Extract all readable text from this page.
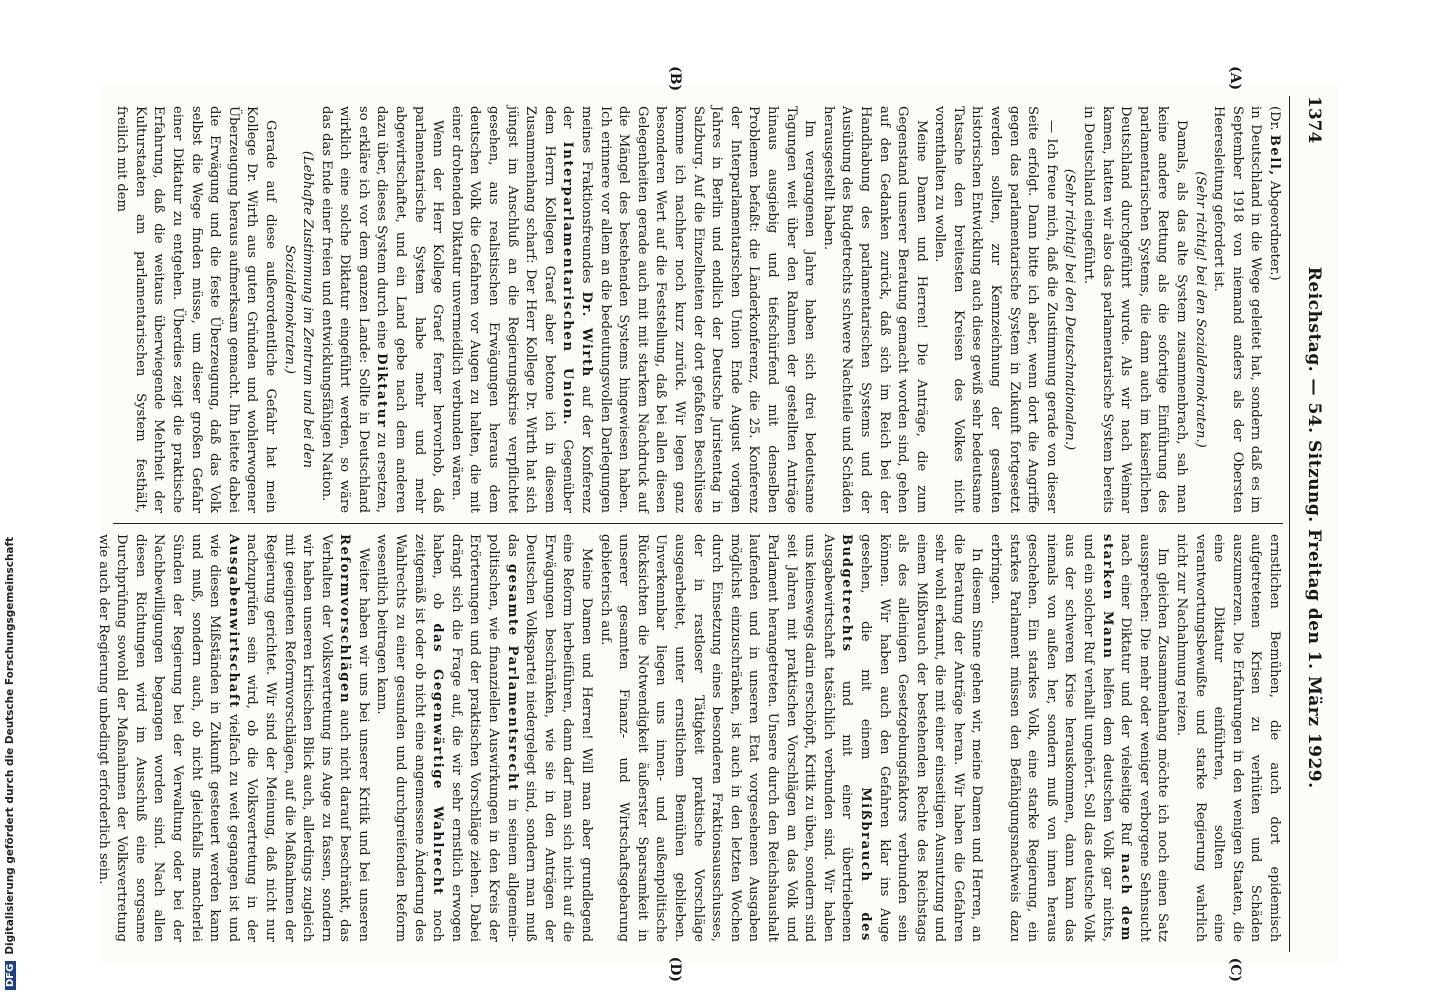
1374
Reichstag. — 54. Sitzung. Freitag den 1. März 1929.
(A)
(B)
(C)
(D)

(Dr. Bell, Abgeordneter.)

in Deutschland in die Wege geleitet hat, sondern daß es im September 1918 von niemand anders als der Obersten Heeresleitung gefordert ist.

(Sehr richtig! bei den Sozialdemokraten.)

Damals, als das alte System zusammenbrach, sah man keine andere Rettung als die sofortige Einführung des parlamentarischen Systems, die dann auch im kaiserlichen Deutschland durchgeführt wurde. Als wir nach Weimar kamen, hatten wir also das parlamentarische System bereits in Deutschland eingeführt.

(Sehr richtig! bei den Deutschnationalen.)

— Ich freue mich, daß die Zustimmung gerade von dieser Seite erfolgt. Dann bitte ich aber, wenn dort die Angriffe gegen das parlamentarische System in Zukunft fortgesetzt werden sollten, zur Kennzeichnung der gesamten historischen Entwicklung auch diese gewiß sehr bedeutsame Tatsache den breitesten Kreisen des Volkes nicht vorenthalten zu wollen.

Meine Damen und Herren! Die Anträge, die zum Gegenstand unserer Beratung gemacht worden sind, gehen auf den Gedanken zurück, daß sich im Reich bei der Handhabung des parlamentarischen Systems und der Ausübung des Budgetrechts schwere Nachteile und Schäden herausgestellt haben.

Im vergangenen Jahre haben sich drei bedeutsame Tagungen weit über den Rahmen der gestellten Anträge hinaus ausgiebig und tiefschürfend mit denselben Problemen befaßt: die Länderkonferenz, die 25. Konferenz der Interparlamentarischen Union Ende August vorigen Jahres in Berlin und endlich der Deutsche Juristentag in Salzburg. Auf die Einzelheiten der dort gefaßten Beschlüsse komme ich nachher noch kurz zurück. Wir legen ganz besonderen Wert auf die Feststellung, daß bei allen diesen Gelegenheiten gerade auch mit mit starkem Nachdruck auf die Mängel des bestehenden Systems hingewiesen haben. Ich erinnere vor allem an die bedeutungsvollen Darlegungen meines Fraktionsfreundes Dr. Wirth auf der Konferenz der Interparlamentarischen Union. Gegenüber dem Herrn Kollegen Graef aber betone ich in diesem Zusammenhang scharf: Der Herr Kollege Dr. Wirth hat sich jüngst im Anschluß an die Regierungskrise verpflichtet gesehen, aus realistischen Erwägungen heraus dem deutschen Volk die Gefahren vor Augen zu halten, die mit einer drohenden Diktatur unvermeidlich verbunden wären.

Wenn der Herr Kollege Graef ferner hervorhob, daß parlamentarische System habe mehr und mehr abgewirtschaftet, und ein Land gebe nach dem anderen dazu über, dieses System durch eine Diktatur zu ersetzen, so erkläre ich vor dem ganzen Lande: Sollte in Deutschland wirklich eine solche Diktatur eingeführt werden, so wäre das das Ende einer freien und entwicklungsfähigen Nation.

(Lebhafte Zustimmung im Zentrum und bei den Sozialdemokraten.)

Gerade auf diese außerordentliche Gefahr hat mein Kollege Dr. Wirth aus guten Gründen und wohlerwogener Überzeugung heraus aufmerksam gemacht. Ihn leitete dabei die Erwägung und die feste Überzeugung, daß das Volk selbst die Wege finden müsse, um dieser großen Gefahr einer Diktatur zu entgehen. Überdies zeigt die praktische Erfahrung, daß die weitaus überwiegende Mehrheit der Kulturstaaten am parlamentarischen System festhält, freilich mit dem

ernstlichen Bemühen, die auch dort epidemisch aufgetretenen Krisen zu verhüten und Schäden auszumerzen. Die Erfahrungen in den wenigen Staaten, die eine Diktatur einführten, sollten eine verantwortungsbewußte und starke Regierung wahrlich nicht zur Nachahmung reizen.

Im gleichen Zusammenhang möchte ich noch einen Satz aussprechen: Die mehr oder weniger verborgene Sehnsucht nach einer Diktatur und der vielseitige Ruf nach dem starken Mann helfen dem deutschen Volk gar nichts, und ein solcher Ruf verhallt ungehört. Soll das deutsche Volk aus der schweren Krise herauskommen, dann kann das niemals von außen her, sondern muß von innen heraus geschehen. Ein starkes Volk, eine starke Regierung, ein starkes Parlament müssen den Befähigungsnachweis dazu erbringen.

In diesem Sinne gehen wir, meine Damen und Herren, an die Beratung der Anträge heran. Wir haben die Gefahren sehr wohl erkannt, die mit einer einseitigen Ausnutzung und einem Mißbrauch der bestehenden Rechte des Reichstags als des alleinigen Gesetzgebungsfaktors verbunden sein können. Wir haben auch den Gefahren klar ins Auge gesehen, die mit einem Mißbrauch des Budgetrechts und mit einer übertriebenen Ausgabewirtschaft tatsächlich verbunden sind. Wir haben uns keineswegs darin erschöpft, Kritik zu üben, sondern sind seit Jahren mit praktischen Vorschlägen an das Volk und Parlament herangetreten. Unsere durch den Reichshaushalt laufenden und in unseren Etat vorgesehenen Ausgaben möglichst einzuschränken, ist auch in den letzten Wochen durch Einsetzung eines besonderen Fraktionsausschusses, der in rastloser Tätigkeit praktische Vorschläge ausgearbeitet, unter ernstlichem Bemühen geblieben. Unverkennbar liegen uns innen- und außenpolitische Rücksichten die Notwendigkeit äußerster Sparsamkeit in unserer gesamten Finanz- und Wirtschaftsgebarung gebieterisch auf.

Meine Damen und Herren! Will man aber grundlegend eine Reform herbeiführen, dann darf man sich nicht auf die Erwägungen beschränken, wie sie in den Anträgen der Deutschen Volkspartei niedergelegt sind, sondern man muß das gesamte Parlamentsrecht in seinem allgemein-politischen, wie finanziellen Auswirkungen in den Kreis der Erörterungen und der praktischen Vorschläge ziehen. Dabei drängt sich die Frage auf, die wir sehr ernstlich erwogen haben, ob das Gegenwärtige Wahlrecht noch zeitgemäß ist oder ob nicht eine angemessene Änderung des Wahlrechts zu einer gesunden und durchgreifenden Reform wesentlich beitragen kann.

Weiter haben wir uns bei unserer Kritik und bei unseren Reformvorschlägen auch nicht darauf beschränkt, das Verhalten der Volksvertretung ins Auge zu fassen, sondern wir haben unseren kritischen Blick auch, allerdings zugleich mit geeigneten Reformvorschlägen, auf die Maßnahmen der Regierung gerichtet. Wir sind der Meinung, daß nicht nur nachzuprüfen sein wird, ob die Volksvertretung in der Ausgabenwirtschaft vielfach zu weit gegangen ist und wie diesen Mißständen in Zukunft gesteuert werden kann und muß, sondern auch, ob nicht gleichfalls mancherlei Sünden der Regierung bei der Verwaltung oder bei der Nachbewilligungen begangen worden sind. Nach allen diesen Richtungen wird im Ausschuß eine sorgsame Durchprüfung sowohl der Maßnahmen der Volksvertretung wie auch der Regierung unbedingt erforderlich sein.

DFG
Digitalisierung gefördert durch die Deutsche Forschungsgemeinschaft
